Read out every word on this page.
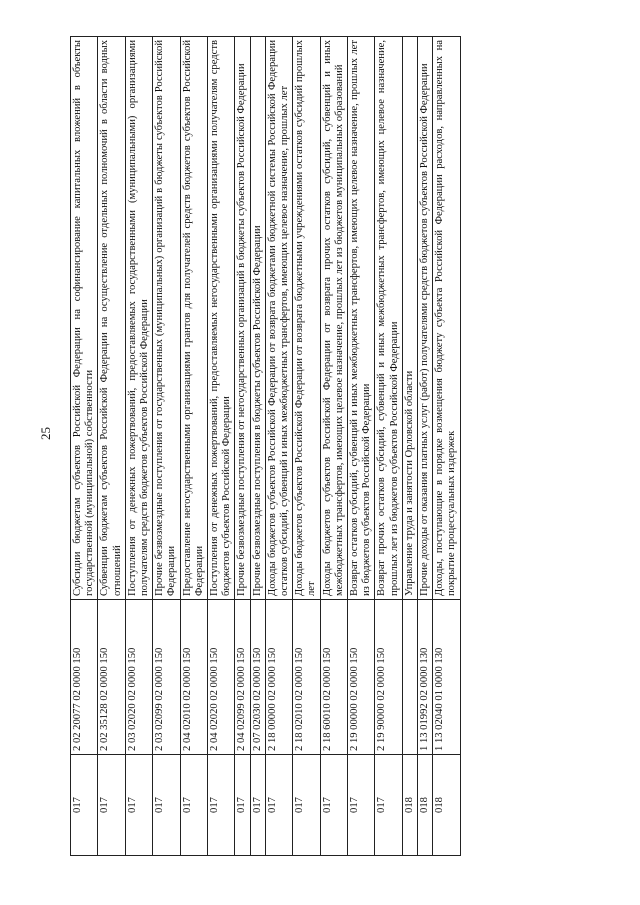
25
017	2 02 20077 02 0000 150	Субсидии бюджетам субъектов Российской Федерации на софинансирование капитальных вложений в объекты государственной (муниципальной) собственности
017	2 02 35128 02 0000 150	Субвенции бюджетам субъектов Российской Федерации на осуществление отдельных полномочий в области водных отношений
017	2 03 02020 02 0000 150	Поступления от денежных пожертвований, предоставляемых государственными (муниципальными) организациями получателям средств бюджетов субъектов Российской Федерации
017	2 03 02099 02 0000 150	Прочие безвозмездные поступления от государственных (муниципальных) организаций в бюджеты субъектов Российской Федерации
017	2 04 02010 02 0000 150	Предоставление негосударственными организациями грантов для получателей средств бюджетов субъектов Российской Федерации
017	2 04 02020 02 0000 150	Поступления от денежных пожертвований, предоставляемых негосударственными организациями получателям средств бюджетов субъектов Российской Федерации
017	2 04 02099 02 0000 150	Прочие безвозмездные поступления от негосударственных организаций в бюджеты субъектов Российской Федерации
017	2 07 02030 02 0000 150	Прочие безвозмездные поступления в бюджеты субъектов Российской Федерации
017	2 18 00000 02 0000 150	Доходы бюджетов субъектов Российской Федерации от возврата бюджетами бюджетной системы Российской Федерации остатков субсидий, субвенций и иных межбюджетных трансфертов, имеющих целевое назначение, прошлых лет
017	2 18 02010 02 0000 150	Доходы бюджетов субъектов Российской Федерации от возврата бюджетными учреждениями остатков субсидий прошлых лет
017	2 18 60010 02 0000 150	Доходы бюджетов субъектов Российской Федерации от возврата прочих остатков субсидий, субвенций и иных межбюджетных трансфертов, имеющих целевое назначение, прошлых лет из бюджетов муниципальных образований
017	2 19 00000 02 0000 150	Возврат остатков субсидий, субвенций и иных межбюджетных трансфертов, имеющих целевое назначение, прошлых лет из бюджетов субъектов Российской Федерации
017	2 19 90000 02 0000 150	Возврат прочих остатков субсидий, субвенций и иных межбюджетных трансфертов, имеющих целевое назначение, прошлых лет из бюджетов субъектов Российской Федерации
018		Управление труда и занятости Орловской области
018	1 13 01992 02 0000 130	Прочие доходы от оказания платных услуг (работ) получателями средств бюджетов субъектов Российской Федерации
018	1 13 02040 01 0000 130	Доходы, поступающие в порядке возмещения бюджету субъекта Российской Федерации расходов, направленных на покрытие процессуальных издержек
